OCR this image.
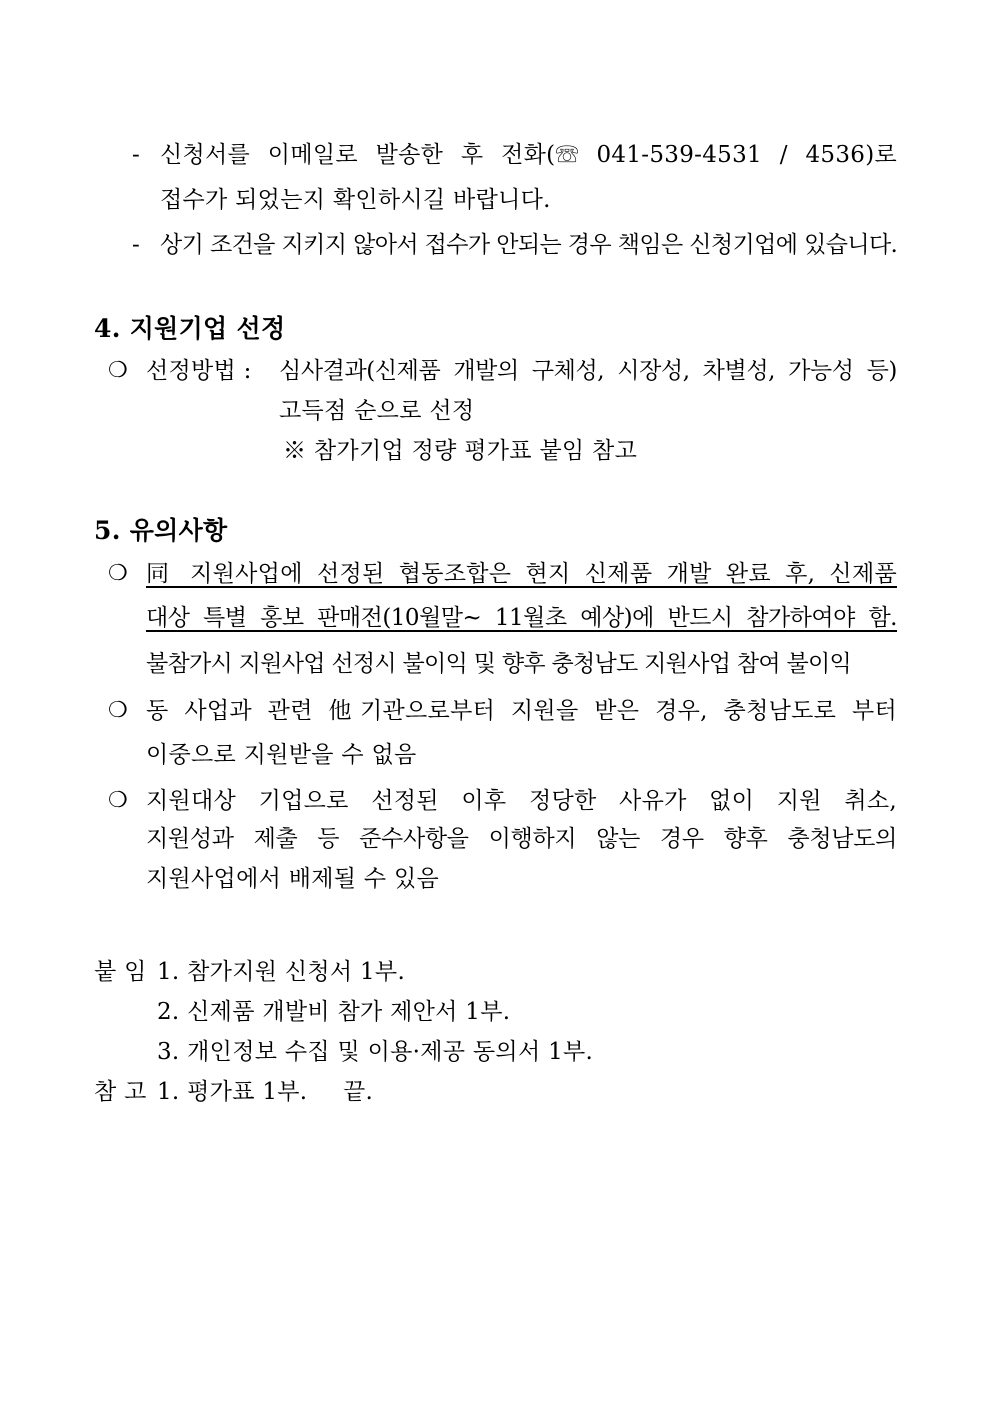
- 신청서를 이메일로 발송한 후 전화(☏ 041-539-4531 / 4536)로
접수가 되었는지 확인하시길 바랍니다.
- 상기 조건을 지키지 않아서 접수가 안되는 경우 책임은 신청기업에 있습니다.
4. 지원기업 선정
❍ 선정방법 : 심사결과(신제품 개발의 구체성, 시장성, 차별성, 가능성 등)
고득점 순으로 선정
※ 참가기업 정량 평가표 붙임 참고
5. 유의사항
❍ 同 지원사업에 선정된 협동조합은 현지 신제품 개발 완료 후, 신제품
대상 특별 홍보 판매전(10월말~ 11월초 예상)에 반드시 참가하여야 함.
불참가시 지원사업 선정시 불이익 및 향후 충청남도 지원사업 참여 불이익
❍ 동 사업과 관련 他기관으로부터 지원을 받은 경우, 충청남도로 부터
이중으로 지원받을 수 없음
❍ 지원대상 기업으로 선정된 이후 정당한 사유가 없이 지원 취소,
지원성과 제출 등 준수사항을 이행하지 않는 경우 향후 충청남도의
지원사업에서 배제될 수 있음
붙 임 1. 참가지원 신청서 1부.
2. 신제품 개발비 참가 제안서 1부.
3. 개인정보 수집 및 이용·제공 동의서 1부.
참 고 1. 평가표 1부. 끝.
